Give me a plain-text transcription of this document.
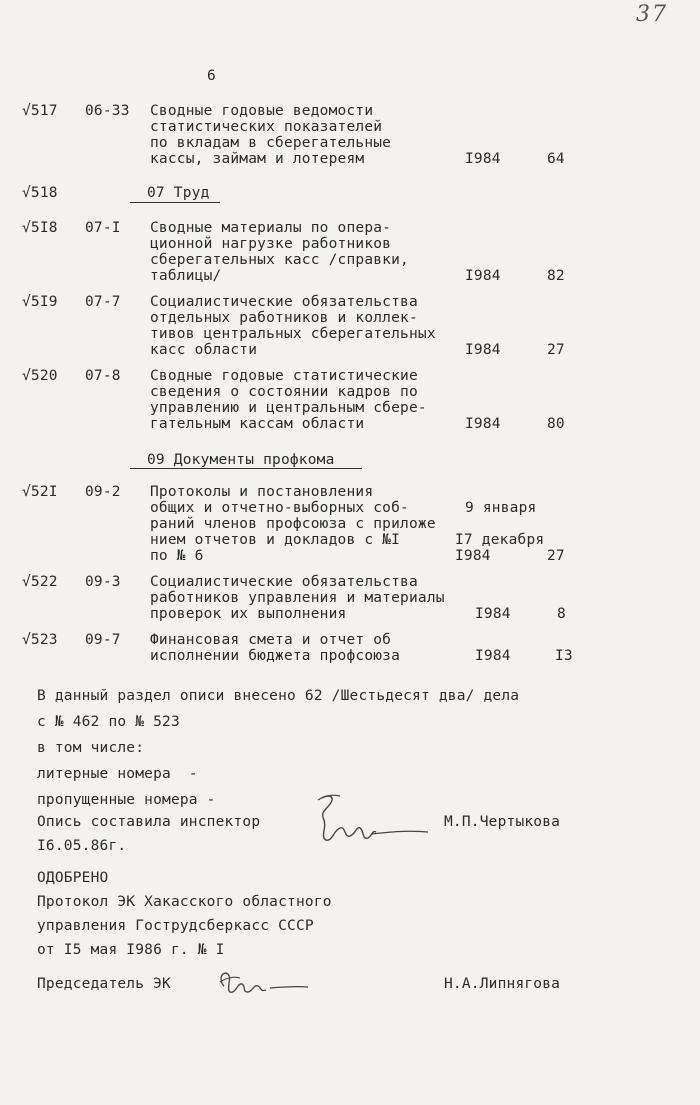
37
6
√517 06-33 Сводные годовые ведомости
статистических показателей
по вкладам в сберегательные
кассы, займам и лотереям	I984	64
√518	07 Труд
√5I8 07-I Сводные материалы по опера-
ционной нагрузке работников
сберегательных касс /справки,
таблицы/	I984	82
√5I9 07-7 Социалистические обязательства
отдельных работников и коллек-
тивов центральных сберегательных
касс области	I984	27
√520 07-8 Сводные годовые статистические
сведения о состоянии кадров по
управлению и центральным сбере-
гательным кассам области	I984	80
09 Документы профкома
√52I 09-2 Протоколы и постановления
общих и отчетно-выборных соб-
раний членов профсоюза с приложе
нием отчетов и докладов с №I
по № 6
9 января
I7 декабря
I984	27
√522 09-3 Социалистические обязательства
работников управления и материалы
проверок их выполнения	I984	8
√523 09-7 Финансовая смета и отчет об
исполнении бюджета профсоюза	I984	I3
В данный раздел описи внесено 62 /Шестьдесят два/ дела
с № 462 по № 523
в том числе:
литерные номера  -
пропущенные номера -
Опись составила инспектор	М.П.Чертыкова
I6.05.86г.
ОДОБРЕНО
Протокол ЭК Хакасского областного
управления Гострудсберкасс СССР
от I5 мая I986 г. № I
Председатель ЭК	Н.А.Липнягова
